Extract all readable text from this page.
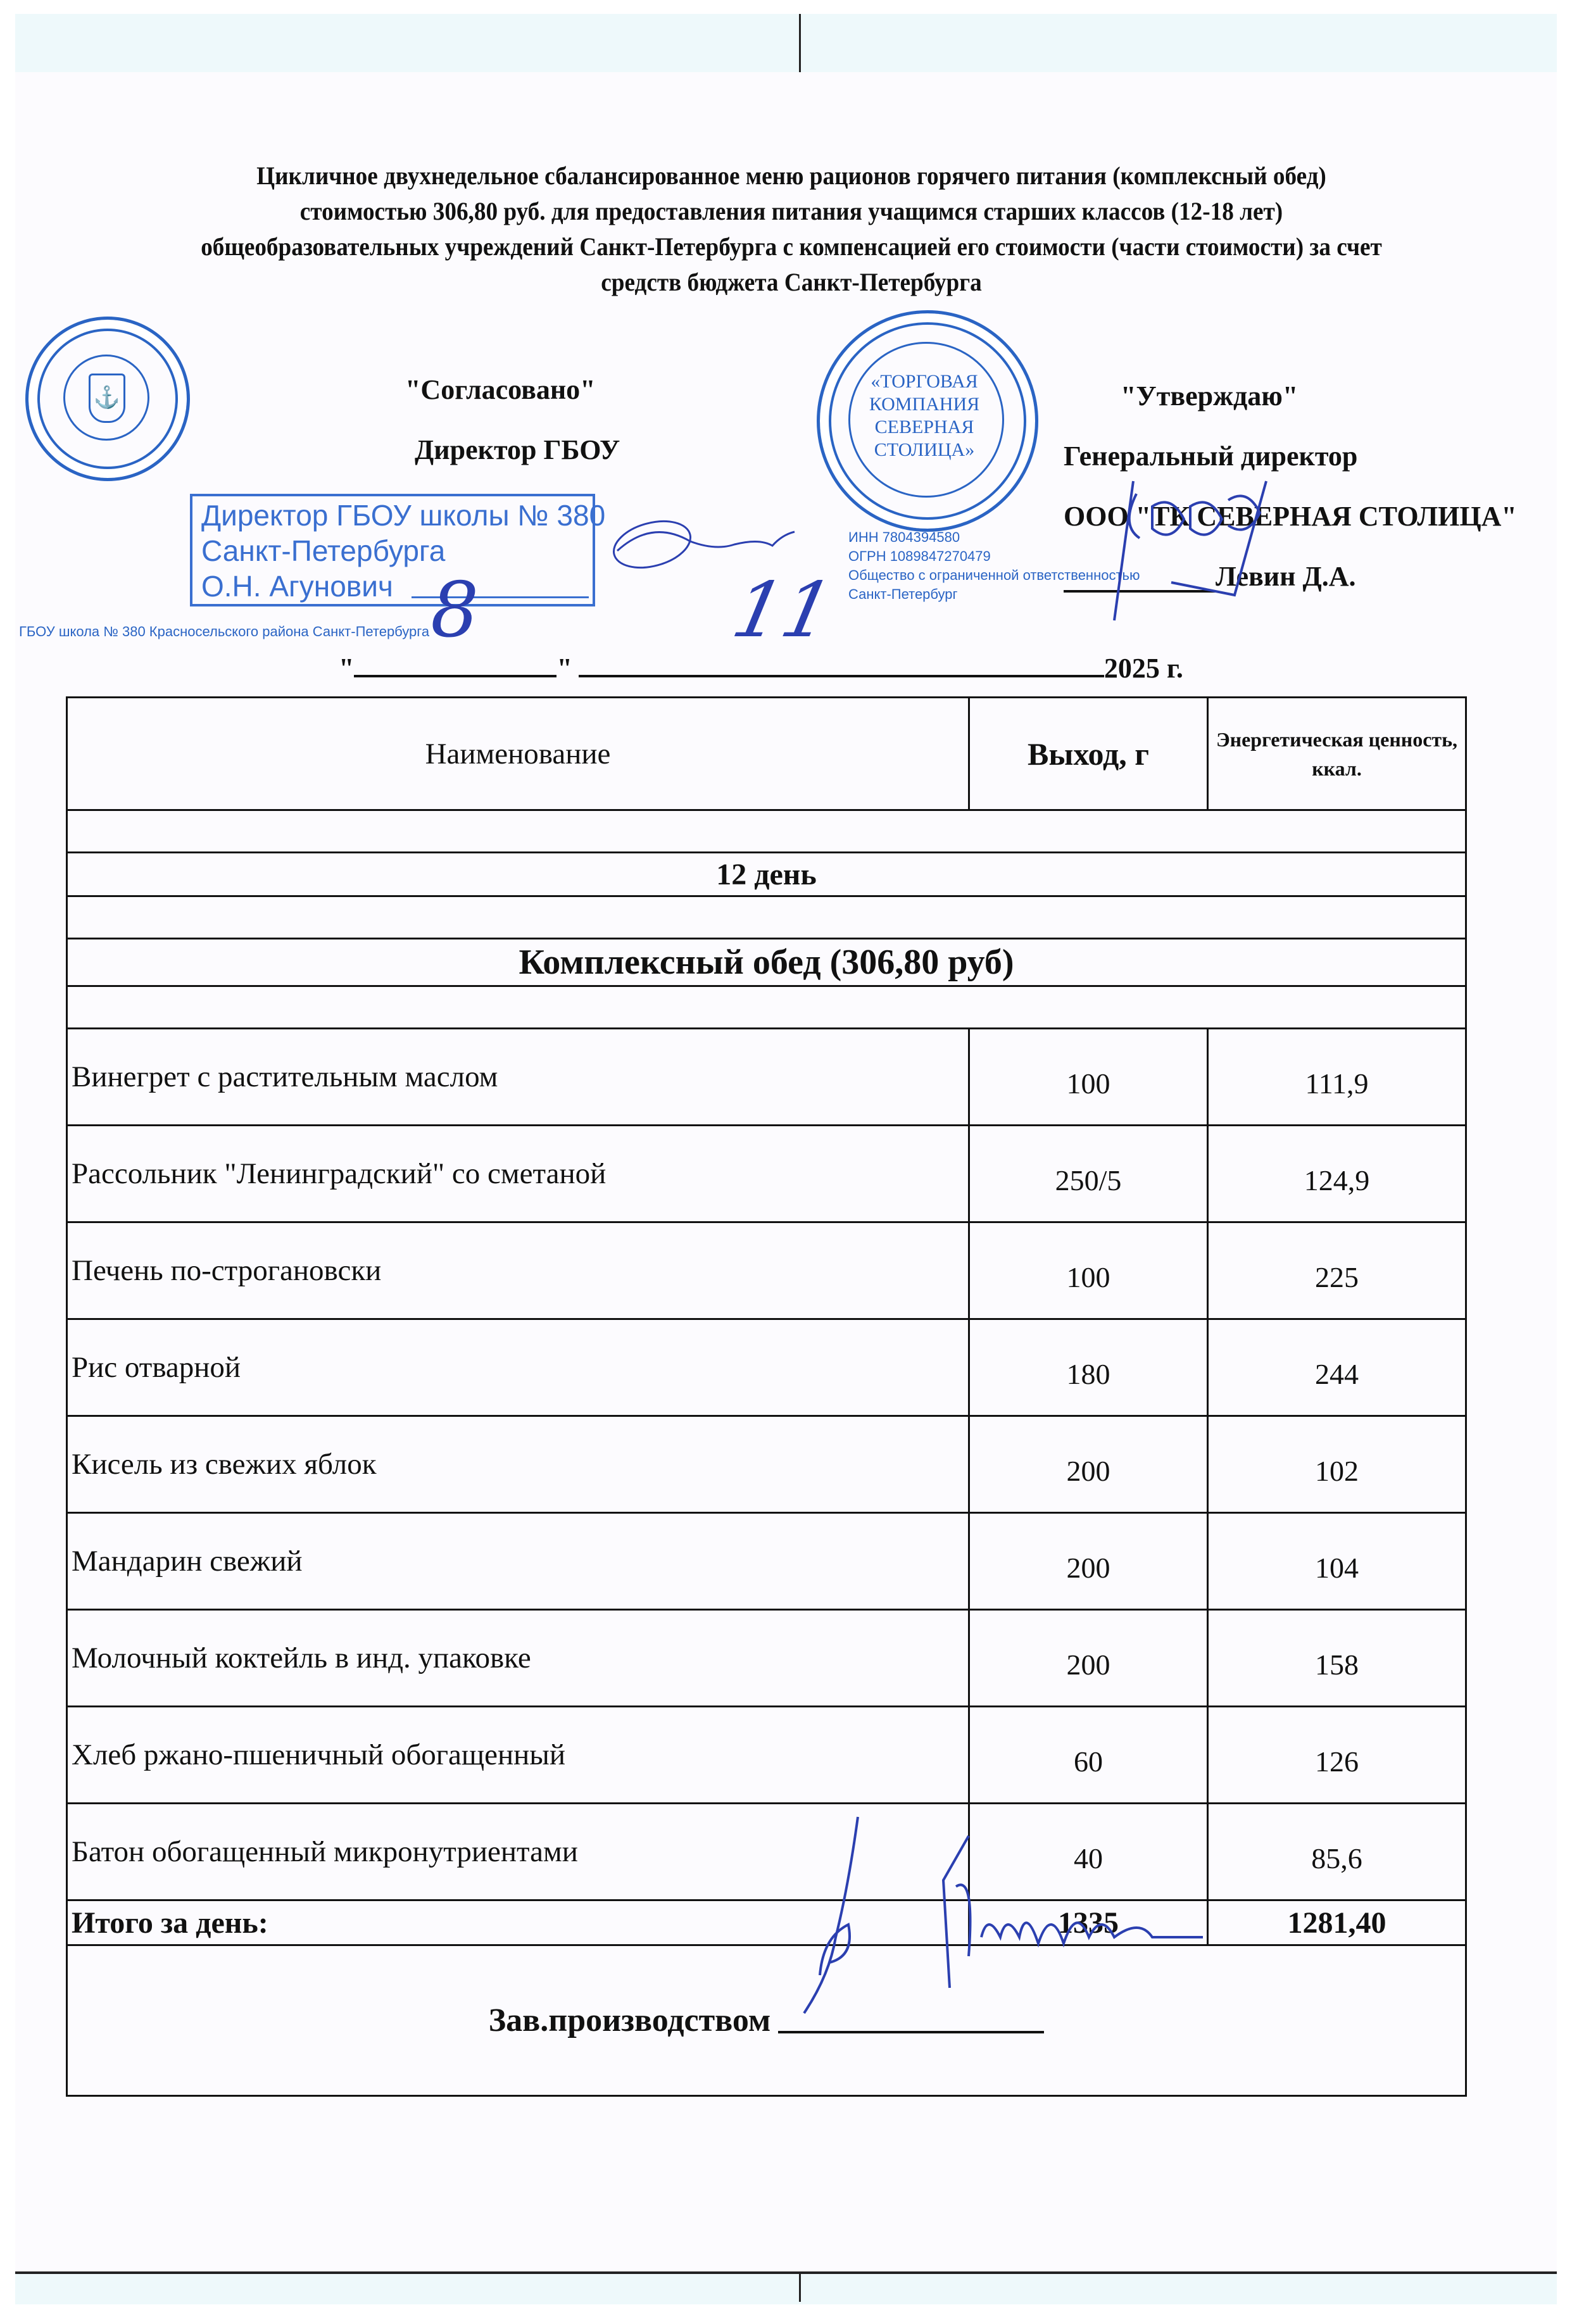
Цикличное двухнедельное сбалансированное меню рационов горячего питания (комплексный обед)
стоимостью 306,80 руб. для предоставления питания учащимся старших классов (12-18 лет)
общеобразовательных учреждений Санкт-Петербурга с компенсацией его стоимости (части стоимости) за счет
средств бюджета Санкт-Петербурга
⚓
ГБОУ школа № 380 Красносельского района Санкт-Петербурга
"Согласовано"
Директор ГБОУ
Директор ГБОУ школы № 380
Санкт-Петербурга
О.Н. Агунович
«ТОРГОВАЯ
КОМПАНИЯ
СЕВЕРНАЯ
СТОЛИЦА»
ИНН 7804394580
ОГРН 1089847270479
Общество с ограниченной ответственностью
Санкт-Петербург
"Утверждаю"
Генеральный директор
ООО "ТК СЕВЕРНАЯ СТОЛИЦА"
Левин Д.А.
"	"	2025 г.
8	11
Наименование	Выход, г	Энергетическая ценность, ккал.

12 день		

Комплексный обед (306,80 руб)		

Винегрет с растительным маслом	100	111,9
Рассольник "Ленинградский" со сметаной	250/5	124,9
Печень по-строгановски	100	225
Рис отварной	180	244
Кисель из свежих яблок	200	102
Мандарин свежий	200	104
Молочный коктейль в инд. упаковке	200	158
Хлеб ржано-пшеничный обогащенный	60	126
Батон обогащенный микронутриентами	40	85,6
Итого за день:	1335	1281,40
Зав.производством		
